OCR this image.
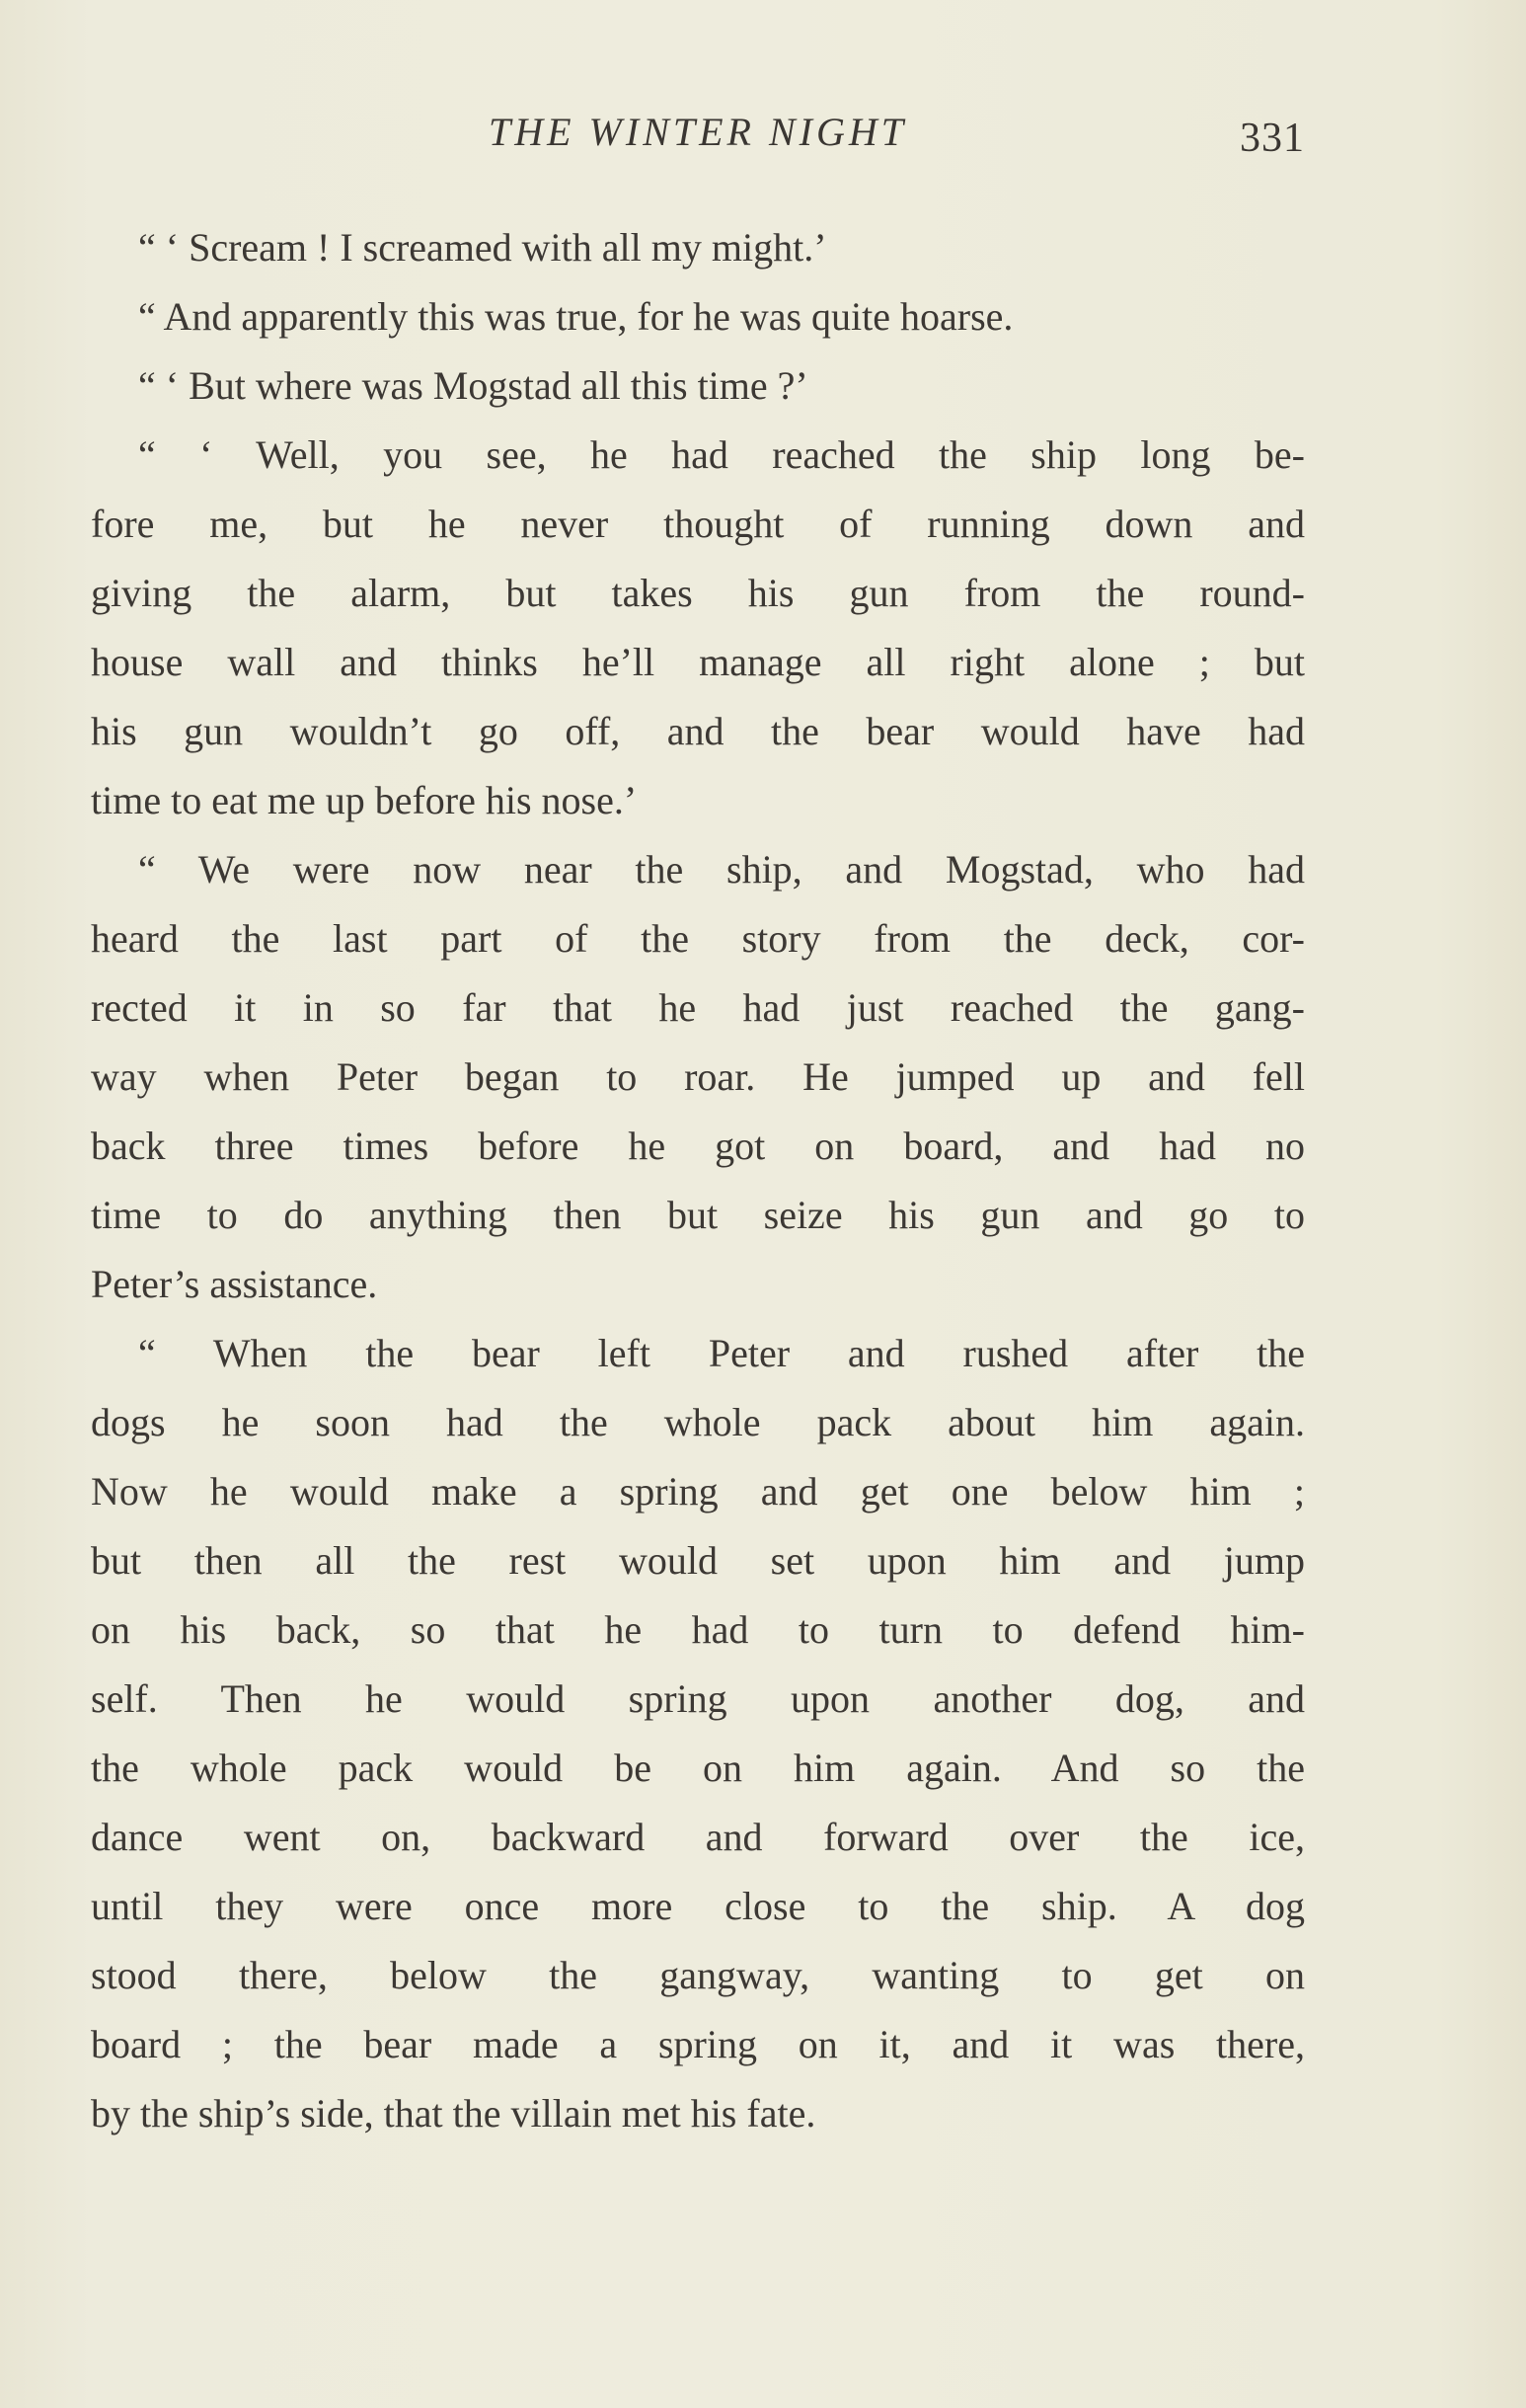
THE WINTER NIGHT	331
“ ‘ Scream ! I screamed with all my might.’
“ And apparently this was true, for he was quite hoarse.
“ ‘ But where was Mogstad all this time ?’
“ ‘ Well, you see, he had reached the ship long be-
fore me, but he never thought of running down and
giving the alarm, but takes his gun from the round-
house wall and thinks he’ll manage all right alone ; but
his gun wouldn’t go off, and the bear would have had
time to eat me up before his nose.’
“ We were now near the ship, and Mogstad, who had
heard the last part of the story from the deck, cor-
rected it in so far that he had just reached the gang-
way when Peter began to roar. He jumped up and fell
back three times before he got on board, and had no
time to do anything then but seize his gun and go to
Peter’s assistance.
“ When the bear left Peter and rushed after the
dogs he soon had the whole pack about him again.
Now he would make a spring and get one below him ;
but then all the rest would set upon him and jump
on his back, so that he had to turn to defend him-
self. Then he would spring upon another dog, and
the whole pack would be on him again. And so the
dance went on, backward and forward over the ice,
until they were once more close to the ship. A dog
stood there, below the gangway, wanting to get on
board ; the bear made a spring on it, and it was there,
by the ship’s side, that the villain met his fate.
